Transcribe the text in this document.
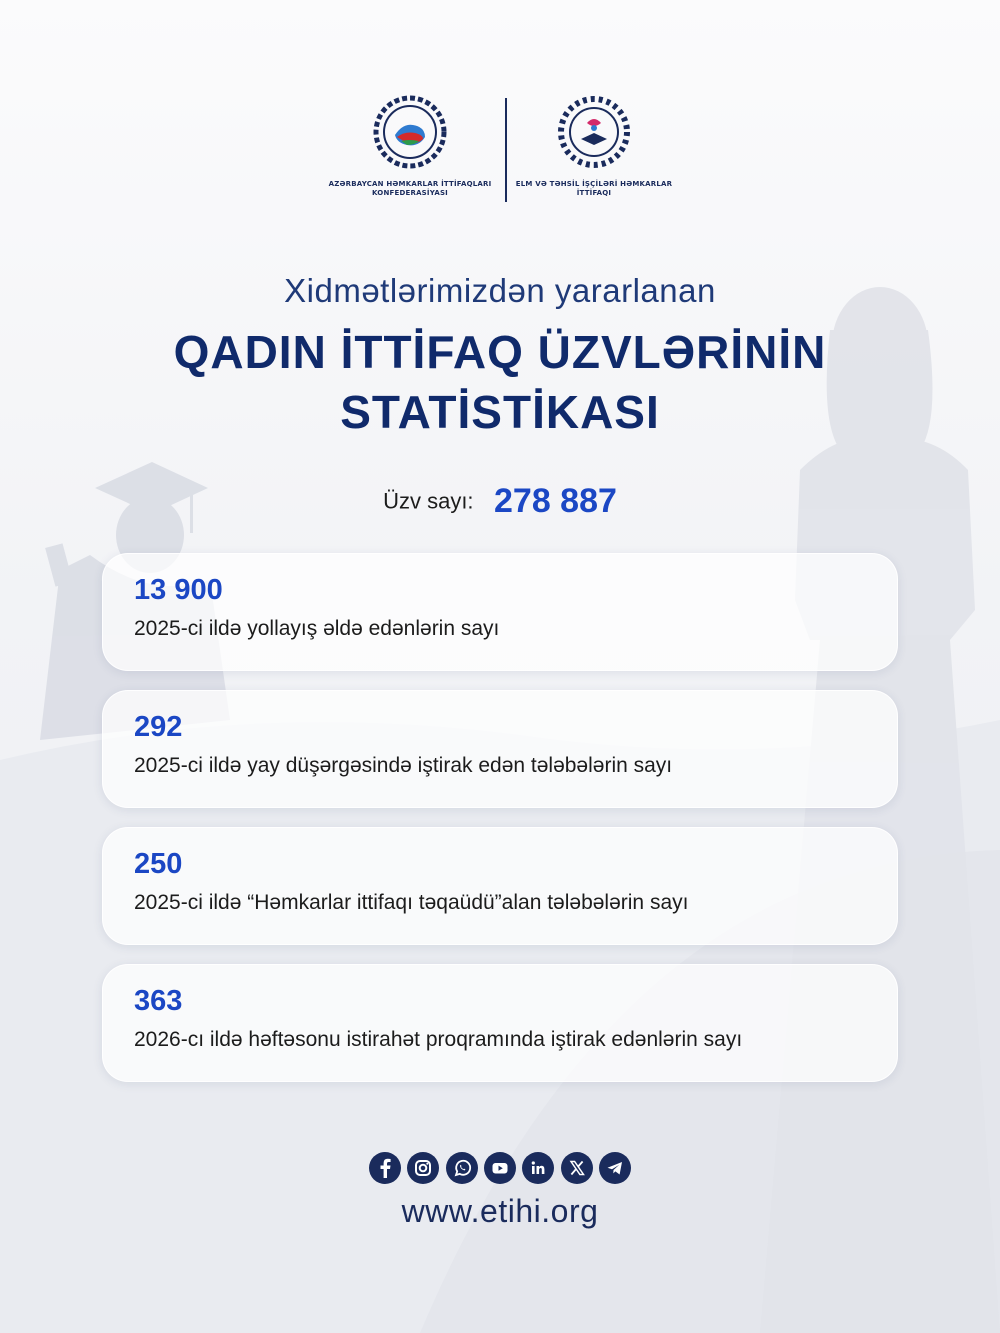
AZƏRBAYCAN HƏMKARLAR İTTİFAQLARI
KONFEDERASİYASI
ELM VƏ TƏHSİL İŞÇİLƏRİ HƏMKARLAR
İTTİFAQI
Xidmətlərimizdən yararlanan
QADIN İTTİFAQ ÜZVLƏRİNİN
STATİSTİKASI
Üzv sayı: 278 887
13 900
2025-ci ildə yollayış əldə edənlərin sayı
292
2025-ci ildə yay düşərgəsində iştirak edən tələbələrin sayı
250
2025-ci ildə “Həmkarlar ittifaqı təqaüdü”alan tələbələrin sayı
363
2026-cı ildə həftəsonu istirahət proqramında iştirak edənlərin sayı
www.etihi.org
